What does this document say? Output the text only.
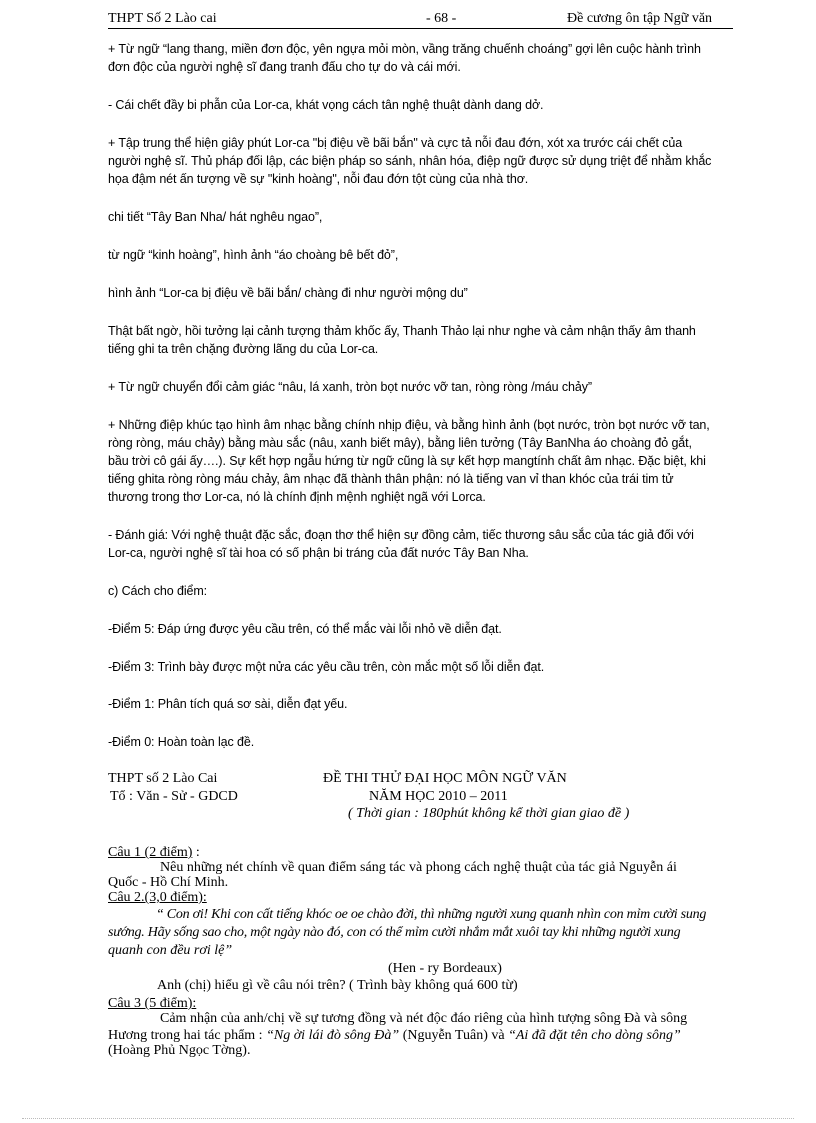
THPT Số 2 Lào cai	- 68 -	Đề cương ôn tập Ngữ văn
+ Từ ngữ “lang thang, miền đơn độc, yên ngựa mỏi mòn, vầng trăng chuếnh choáng” gợi lên cuộc hành trình
đơn độc của người nghệ sĩ đang tranh đấu cho tự do và cái mới.
- Cái chết đầy bi phẫn của Lor-ca, khát vọng cách tân nghệ thuật dành dang dở.
+ Tập trung thể hiện giây phút Lor-ca "bị điệu về bãi bắn" và cực tả nỗi đau đớn, xót xa trước cái chết của
người nghệ sĩ. Thủ pháp đối lập, các biện pháp so sánh, nhân hóa, điệp ngữ được sử dụng triệt để nhằm khắc
họa đậm nét ấn tượng về sự "kinh hoàng", nỗi đau đớn tột cùng của nhà thơ.
chi tiết “Tây Ban Nha/ hát nghêu ngao”,
từ ngữ “kinh hoàng”, hình ảnh “áo choàng bê bết đỏ”,
hình ảnh “Lor-ca bị điệu về bãi bắn/ chàng đi như người mộng du”
Thật bất ngờ, hồi tưởng lại cảnh tượng thảm khốc ấy, Thanh Thảo lại như nghe và cảm nhận thấy âm thanh
tiếng ghi ta trên chặng đường lãng du của Lor-ca.
+ Từ ngữ chuyển đổi cảm giác “nâu, lá xanh, tròn bọt nước vỡ tan, ròng ròng /máu chảy”
+ Những điệp khúc tạo hình âm nhạc bằng chính nhịp điệu, và bằng hình ảnh (bọt nước, tròn bọt nước vỡ tan,
ròng ròng, máu chảy) bằng màu sắc (nâu, xanh biết mây), bằng liên tưởng (Tây BanNha áo choàng đỏ gắt,
bầu trời cô gái ấy….). Sự kết hợp ngẫu hứng từ ngữ cũng là sự kết hợp mangtính chất âm nhạc. Đặc biệt, khi
tiếng ghita ròng ròng máu chảy, âm nhạc đã thành thân phận: nó là tiếng van vỉ than khóc của trái tim tử
thương trong thơ Lor-ca, nó là chính định mệnh nghiệt ngã với Lorca.
- Đánh giá: Với nghệ thuật đặc sắc, đoạn thơ thể hiện sự đồng cảm, tiếc thương sâu sắc của tác giả đối với
Lor-ca, người nghệ sĩ tài hoa có số phận bi tráng của đất nước Tây Ban Nha.
c) Cách cho điểm:
-Điểm 5: Đáp ứng được yêu cầu trên, có thể mắc vài lỗi nhỏ về diễn đạt.
-Điểm 3: Trình bày được một nửa các yêu cầu trên, còn mắc một số lỗi diễn đạt.
-Điểm 1: Phân tích quá sơ sài, diễn đạt yếu.
-Điểm 0: Hoàn toàn lạc đề.
THPT số 2 Lào Cai
Tổ : Văn - Sử - GDCD
ĐỀ THI THỬ ĐẠI HỌC MÔN NGỮ VĂN
NĂM HỌC 2010 – 2011
( Thời gian : 180phút không kể thời gian giao đề )
Câu 1 (2 điểm) :
Nêu những nét chính về quan điểm sáng tác và phong cách nghệ thuật của tác giả Nguyễn ái
Quốc - Hồ Chí Minh.
Câu 2.(3,0 điểm):
“ Con ơi! Khi con cất tiếng khóc oe oe chào đời, thì những người xung quanh nhìn con mỉm cười sung
sướng. Hãy sống sao cho, một ngày nào đó, con có thể mỉm cười nhắm mắt xuôi tay khi những người xung
quanh con đều rơi lệ”
(Hen - ry Bordeaux)
Anh (chị) hiểu gì về câu nói trên? ( Trình bày không quá 600 từ)
Câu 3 (5 điểm):
Cảm nhận của anh/chị về sự tương đồng và nét độc đáo riêng của hình tượng sông Đà và sông
Hương trong hai tác phẩm : “Ng ời lái đò sông Đà” (Nguyễn Tuân) và “Ai đã đặt tên cho dòng sông”
(Hoàng Phủ Ngọc Tờng).
